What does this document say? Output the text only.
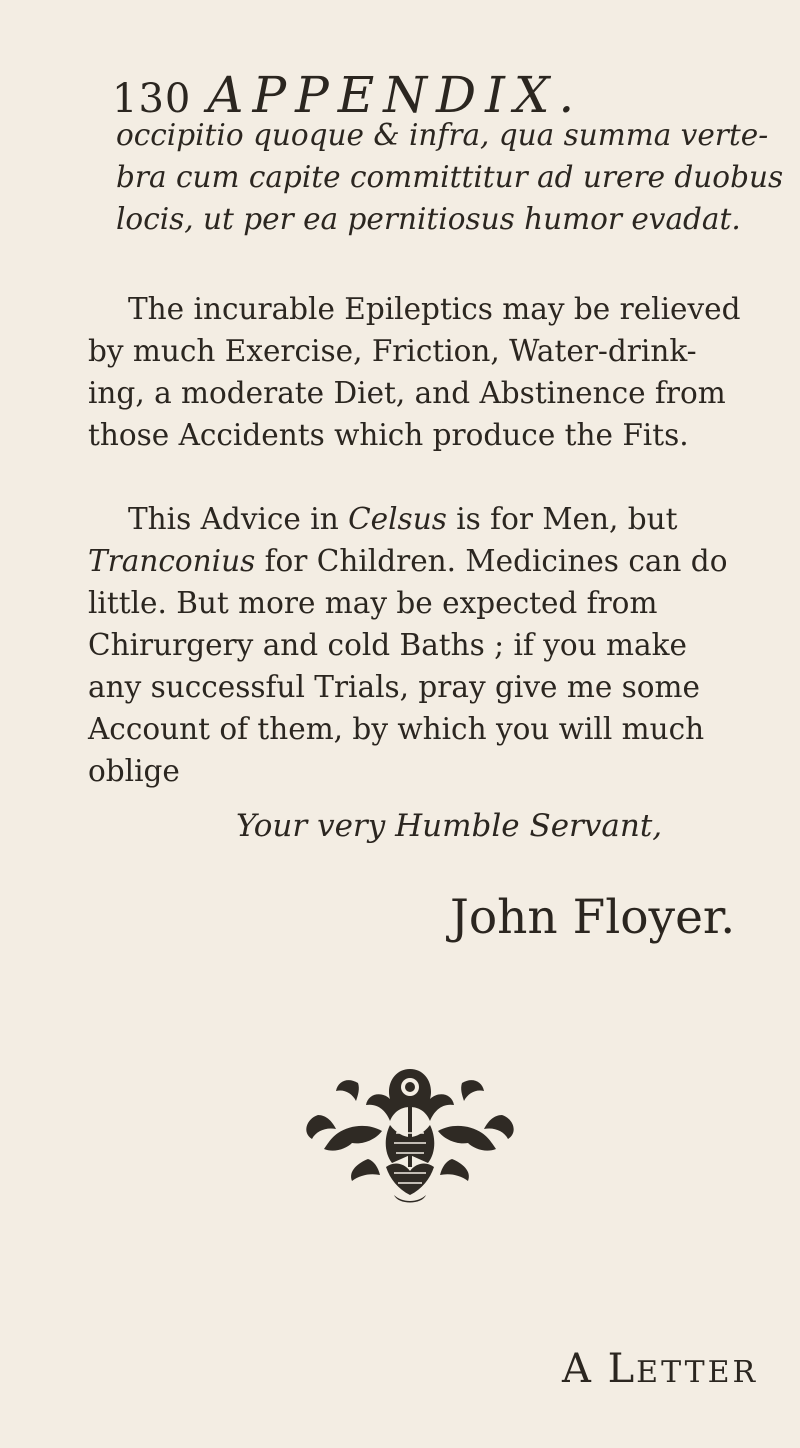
130 APPENDIX.
occipitio quoque & infra, qua summa verte-
bra cum capite committitur ad urere duobus
locis, ut per ea pernitiosus humor evadat.
The incurable Epileptics may be relieved
by much Exercise, Friction, Water-drink-
ing, a moderate Diet, and Abstinence from
those Accidents which produce the Fits.
This Advice in Celsus is for Men, but
Tranconius for Children. Medicines can do
little. But more may be expected from
Chirurgery and cold Baths ; if you make
any successful Trials, pray give me some
Account of them, by which you will much
oblige
Your very Humble Servant,
John Floyer.
A LETTER
